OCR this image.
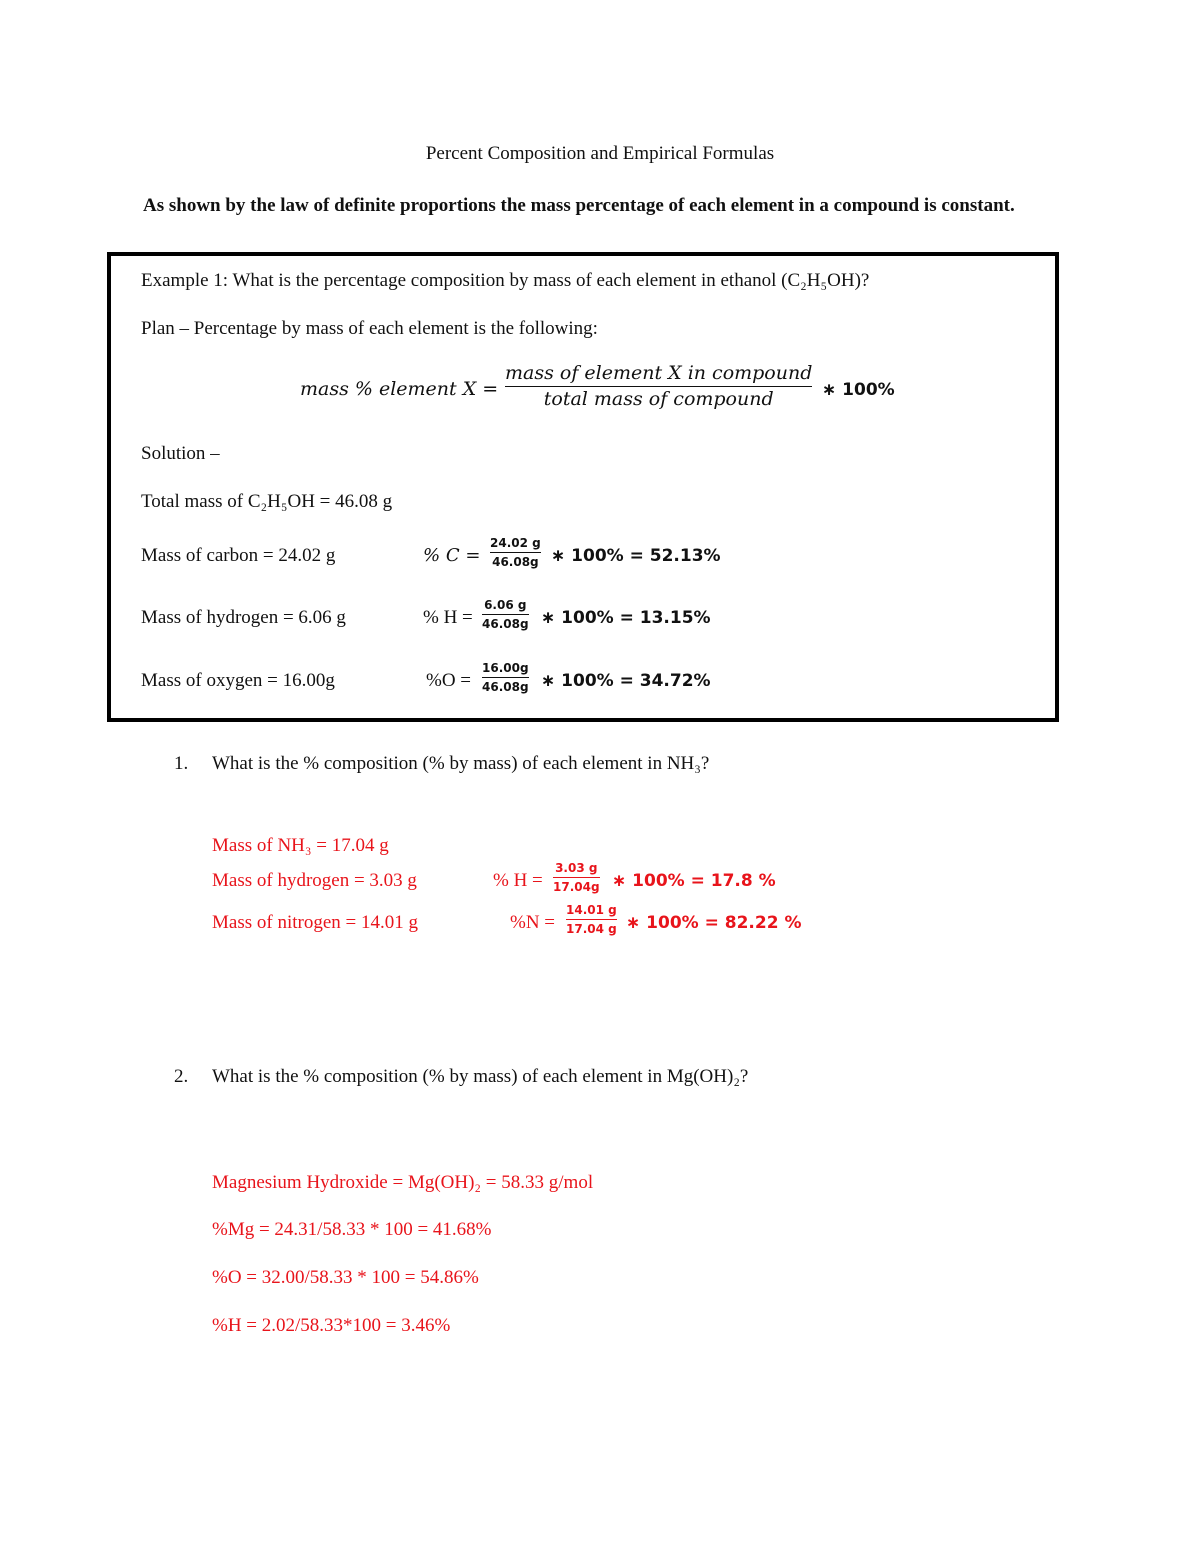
Percent Composition and Empirical Formulas
As shown by the law of definite proportions the mass percentage of each element in a compound is constant.
Example 1: What is the percentage composition by mass of each element in ethanol (C₂H₅OH)?
Plan – Percentage by mass of each element is the following:
mass % element X =
mass of element X in compound
total mass of compound	∗ 100%
Solution –
Total mass of C₂H₅OH = 46.08 g
Mass of carbon = 24.02 g	% C =
24.02 g
46.08g ∗ 100% = 52.13%
Mass of hydrogen = 6.06 g	% H =
6.06 g
46.08g ∗ 100% = 13.15%
Mass of oxygen = 16.00g	%O =
16.00g
46.08g ∗ 100% = 34.72%
1. What is the % composition (% by mass) of each element in NH₃?
Mass of NH₃ = 17.04 g
Mass of hydrogen = 3.03 g	% H =
3.03 g
17.04g ∗ 100% = 17.8 %
Mass of nitrogen = 14.01 g	%N =
14.01 g
17.04 g ∗ 100% = 82.22 %
2. What is the % composition (% by mass) of each element in Mg(OH)₂?
Magnesium Hydroxide = Mg(OH)₂ = 58.33 g/mol
%Mg = 24.31/58.33 * 100 = 41.68%
%O = 32.00/58.33 * 100 = 54.86%
%H = 2.02/58.33*100 = 3.46%
